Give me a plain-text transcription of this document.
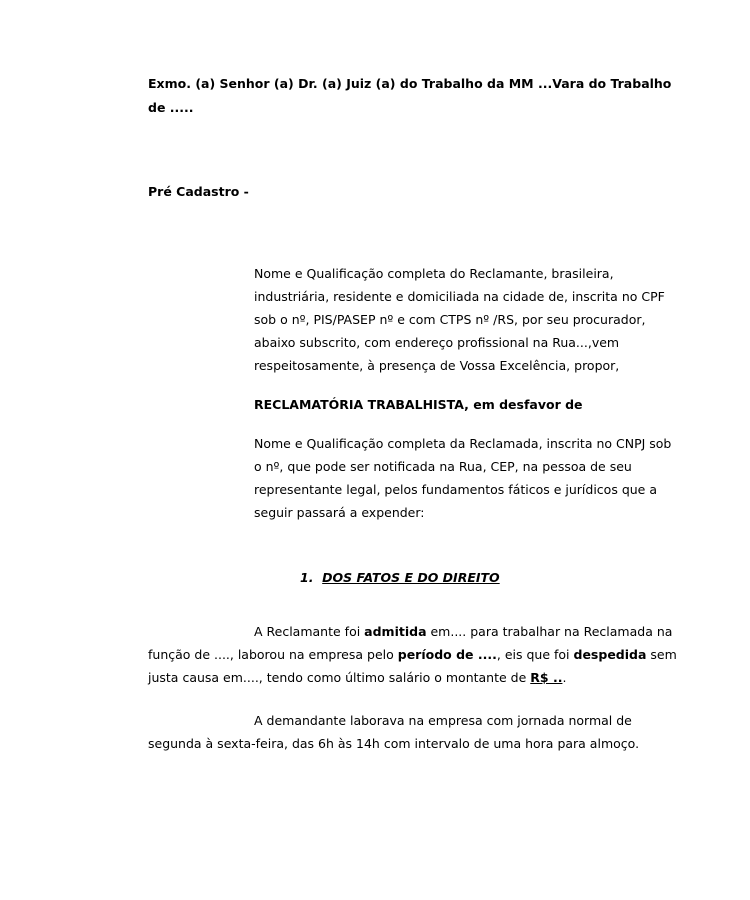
Exmo. (a) Senhor (a) Dr. (a) Juiz (a) do Trabalho da MM ...Vara do Trabalho
de .....
Pré Cadastro -
Nome e Qualificação completa do Reclamante, brasileira,
industriária, residente e domiciliada na cidade de, inscrita no CPF
sob o nº, PIS/PASEP nº e com CTPS nº /RS, por seu procurador,
abaixo subscrito, com endereço profissional na Rua...,vem
respeitosamente, à presença de Vossa Excelência, propor,
RECLAMATÓRIA TRABALHISTA, em desfavor de
Nome e Qualificação completa da Reclamada, inscrita no CNPJ sob
o nº, que pode ser notificada na Rua, CEP, na pessoa de seu
representante legal, pelos fundamentos fáticos e jurídicos que a
seguir passará a expender:
1. DOS FATOS E DO DIREITO
A Reclamante foi admitida em.... para trabalhar na Reclamada na
função de ...., laborou na empresa pelo período de ...., eis que foi despedida sem
justa causa em...., tendo como último salário o montante de R$ ...
A demandante laborava na empresa com jornada normal de
segunda à sexta-feira, das 6h às 14h com intervalo de uma hora para almoço.
